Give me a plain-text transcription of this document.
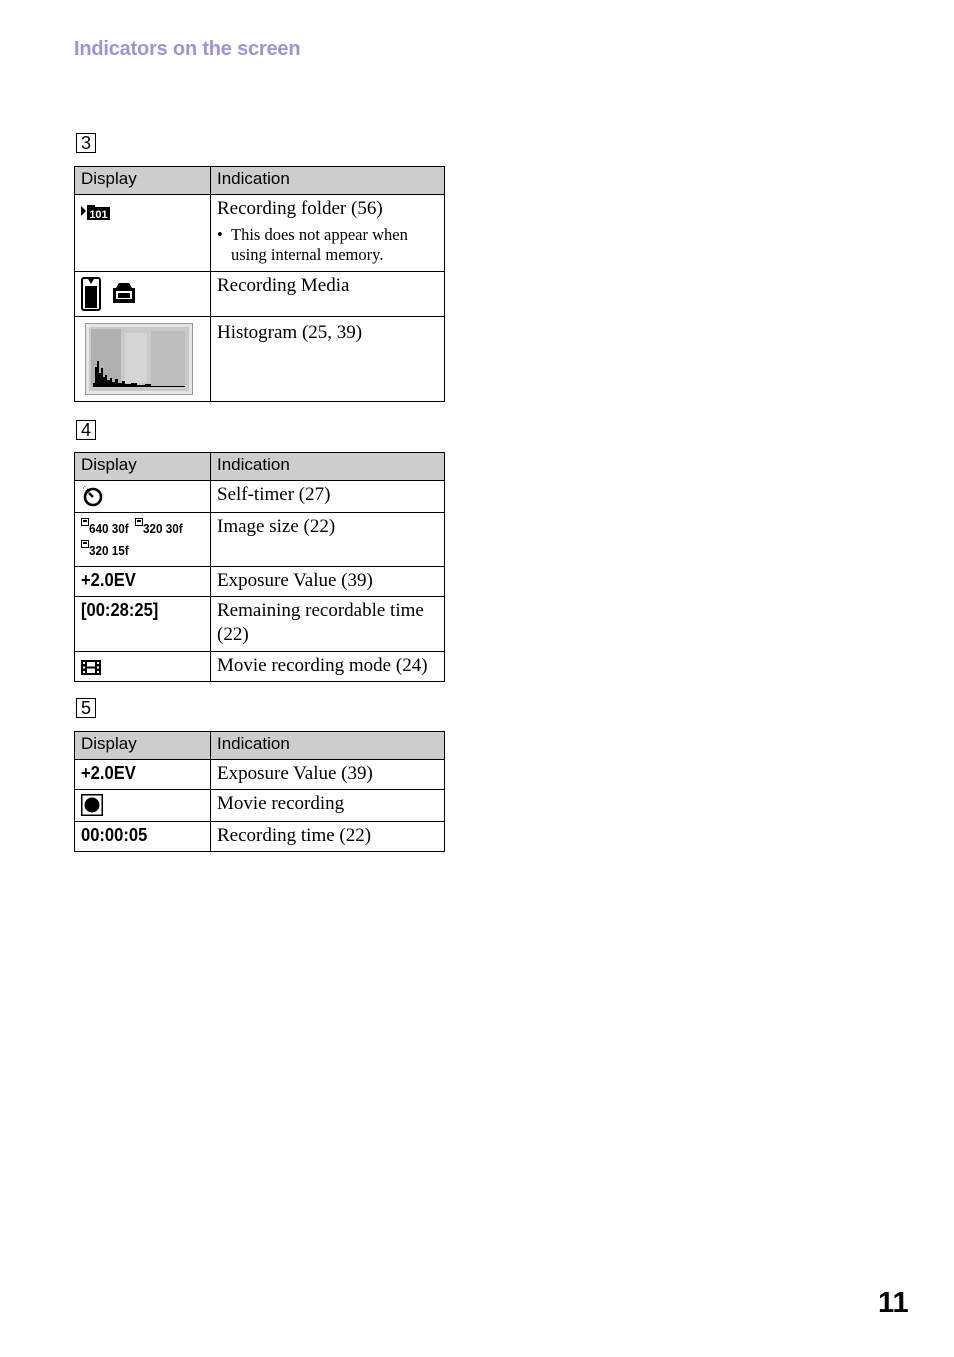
Indicators on the screen
3
Display	Indication

101	Recording folder (56)
• This does not appear when using internal memory.

Recording Media

Histogram (25, 39)
4
Display	Indication

Self-timer (27)

640 30f 320 30f
320 15f	Image size (22)

+2.0EV	Exposure Value (39)

[00:28:25]	Remaining recordable time (22)

Movie recording mode (24)
5
Display	Indication
+2.0EV	Exposure Value (39)

Movie recording

00:00:05	Recording time (22)
11
